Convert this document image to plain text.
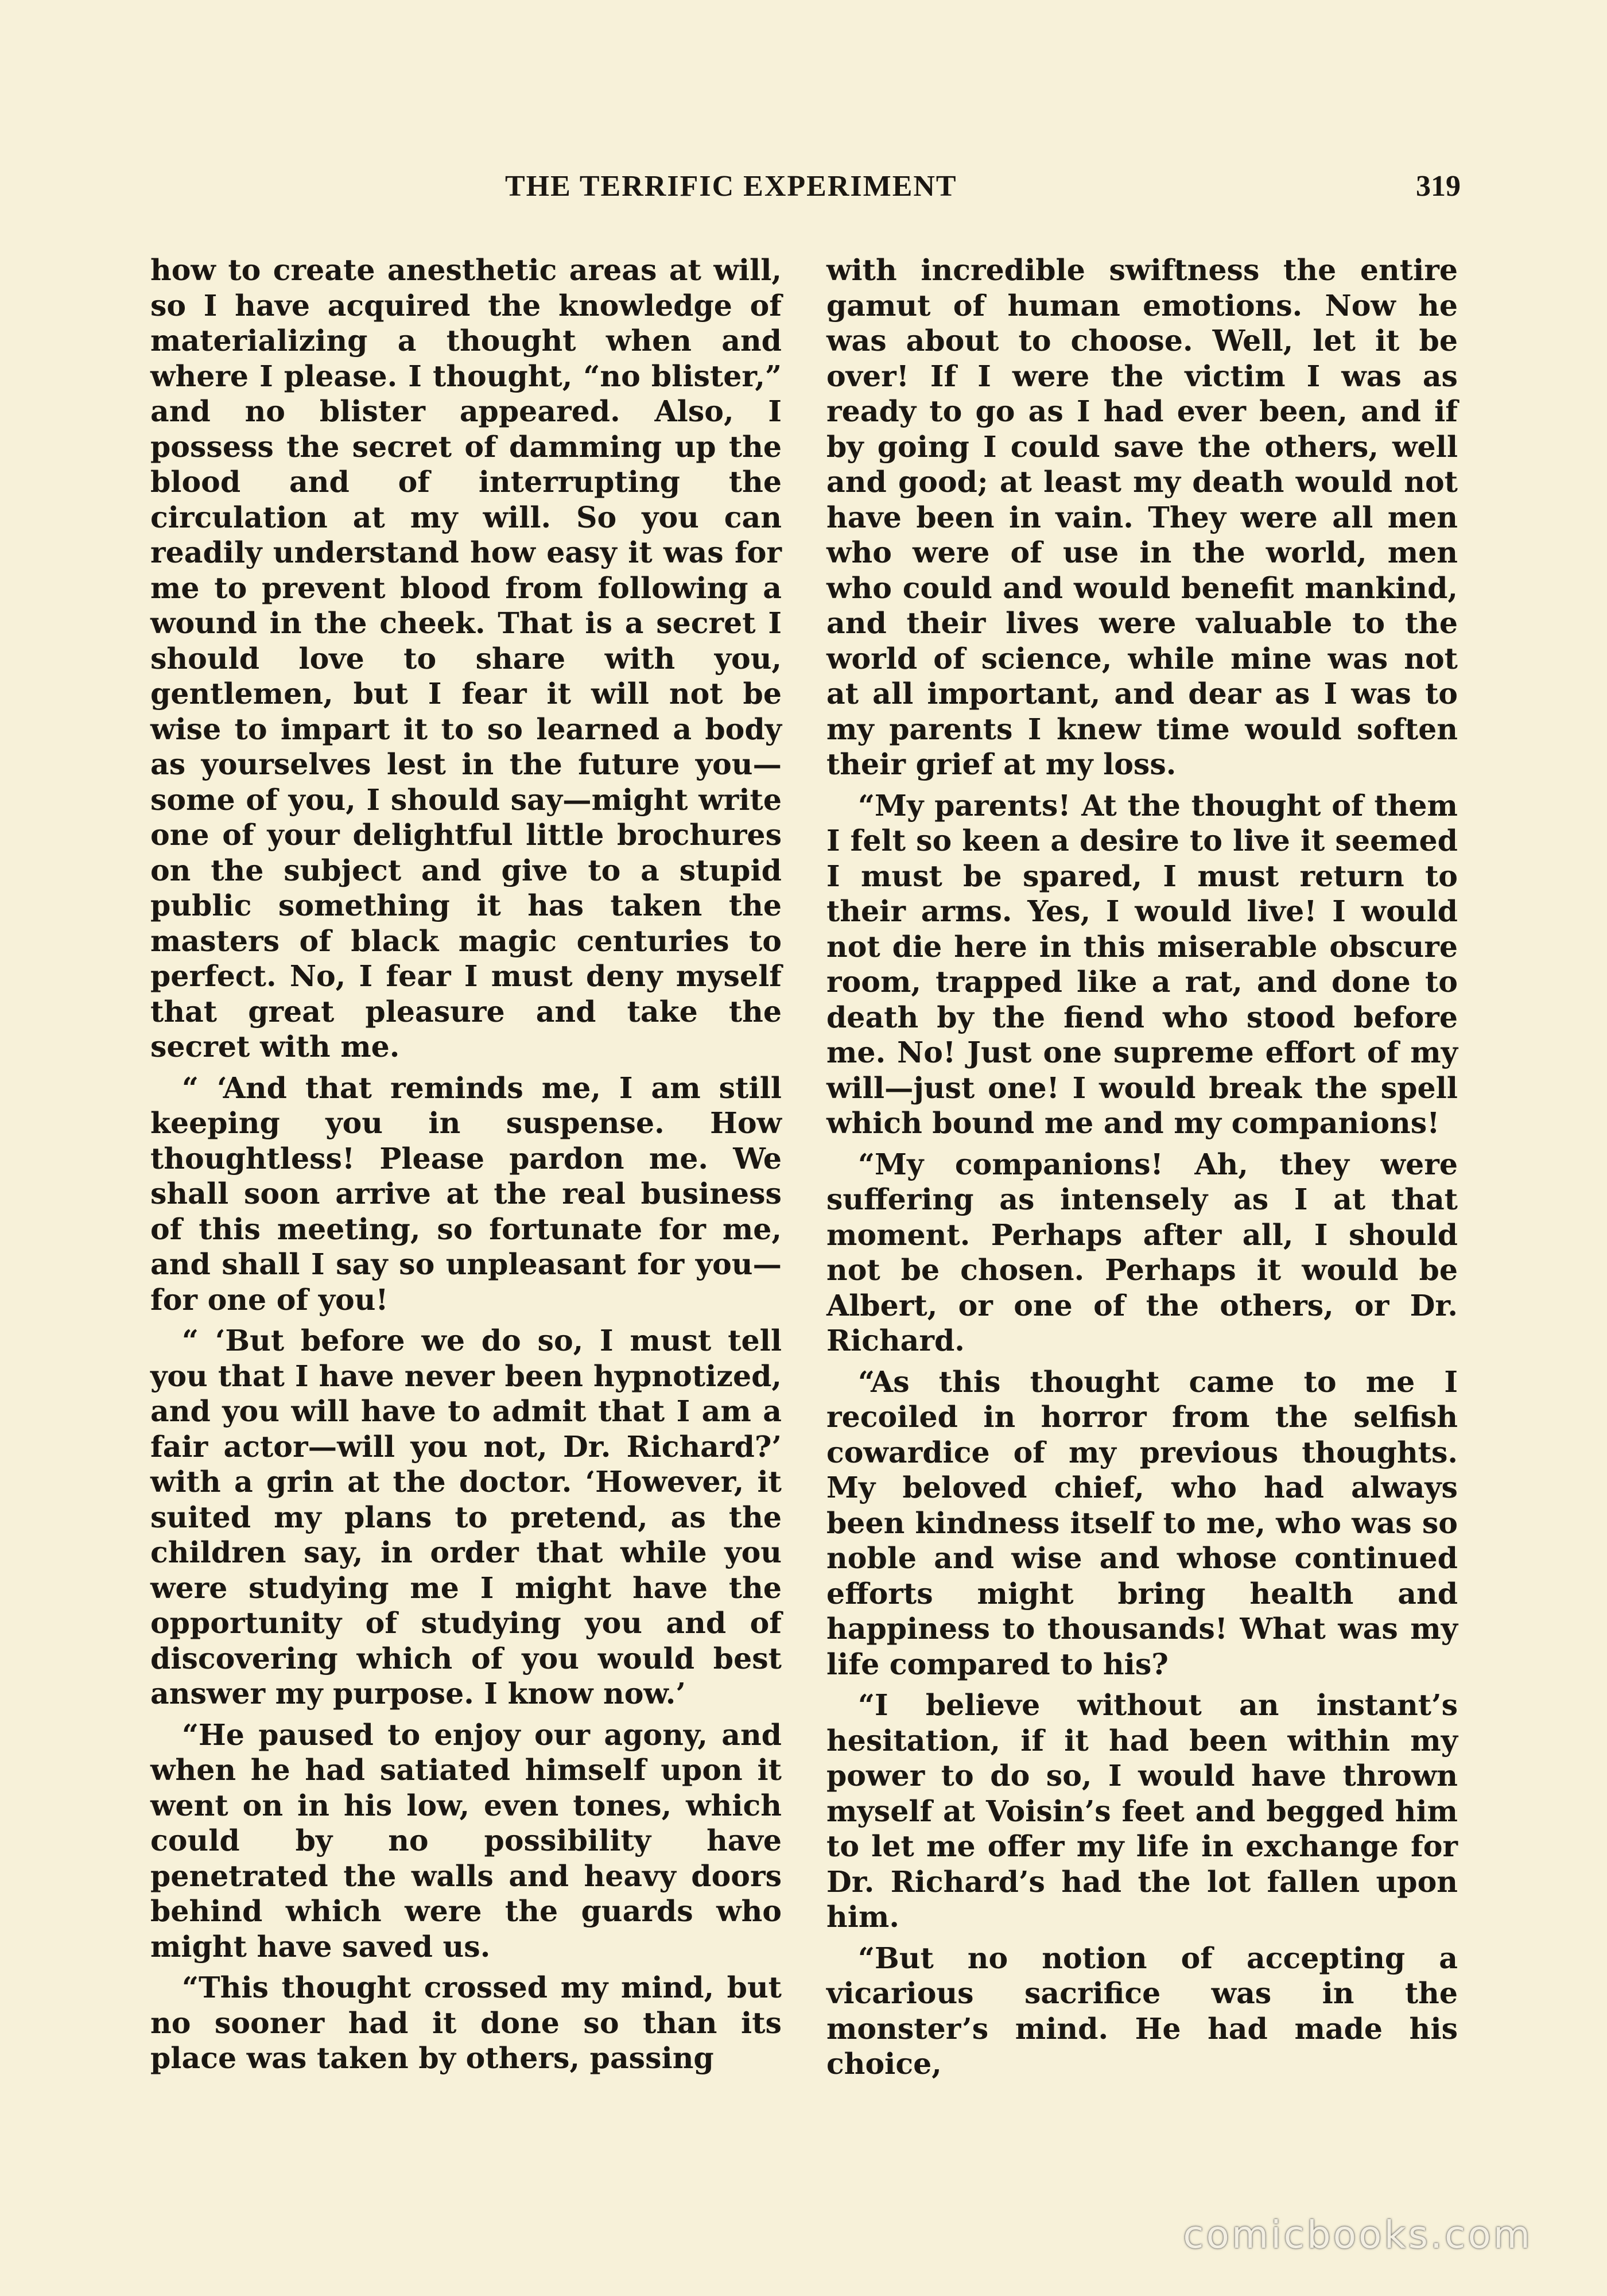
THE TERRIFIC EXPERIMENT	319

how to create anesthetic areas at will, so I have acquired the knowledge of materializing a thought when and where I please. I thought, “no blister,” and no blister appeared. Also, I possess the secret of damming up the blood and of interrupting the circulation at my will. So you can readily understand how easy it was for me to prevent blood from following a wound in the cheek. That is a secret I should love to share with you, gentlemen, but I fear it will not be wise to impart it to so learned a body as yourselves lest in the future you—some of you, I should say—might write one of your delightful little brochures on the subject and give to a stupid public something it has taken the masters of black magic centuries to perfect. No, I fear I must deny myself that great pleasure and take the secret with me.

“ ‘And that reminds me, I am still keeping you in suspense. How thoughtless! Please pardon me. We shall soon arrive at the real business of this meeting, so fortunate for me, and shall I say so unpleasant for you—for one of you!

“ ‘But before we do so, I must tell you that I have never been hypnotized, and you will have to admit that I am a fair actor—will you not, Dr. Richard?’ with a grin at the doctor. ‘However, it suited my plans to pretend, as the children say, in order that while you were studying me I might have the opportunity of studying you and of discovering which of you would best answer my purpose. I know now.’

“He paused to enjoy our agony, and when he had satiated himself upon it went on in his low, even tones, which could by no possibility have penetrated the walls and heavy doors behind which were the guards who might have saved us.

“This thought crossed my mind, but no sooner had it done so than its place was taken by others, passing

with incredible swiftness the entire gamut of human emotions. Now he was about to choose. Well, let it be over! If I were the victim I was as ready to go as I had ever been, and if by going I could save the others, well and good; at least my death would not have been in vain. They were all men who were of use in the world, men who could and would benefit mankind, and their lives were valuable to the world of science, while mine was not at all important, and dear as I was to my parents I knew time would soften their grief at my loss.

“My parents! At the thought of them I felt so keen a desire to live it seemed I must be spared, I must return to their arms. Yes, I would live! I would not die here in this miserable obscure room, trapped like a rat, and done to death by the fiend who stood before me. No! Just one supreme effort of my will—just one! I would break the spell which bound me and my companions!

“My companions! Ah, they were suffering as intensely as I at that moment. Perhaps after all, I should not be chosen. Perhaps it would be Albert, or one of the others, or Dr. Richard.

“As this thought came to me I recoiled in horror from the selfish cowardice of my previous thoughts. My beloved chief, who had always been kindness itself to me, who was so noble and wise and whose continued efforts might bring health and happiness to thousands! What was my life compared to his?

“I believe without an instant’s hesitation, if it had been within my power to do so, I would have thrown myself at Voisin’s feet and begged him to let me offer my life in exchange for Dr. Richard’s had the lot fallen upon him.

“But no notion of accepting a vicarious sacrifice was in the monster’s mind. He had made his choice,

comicbooks.com
